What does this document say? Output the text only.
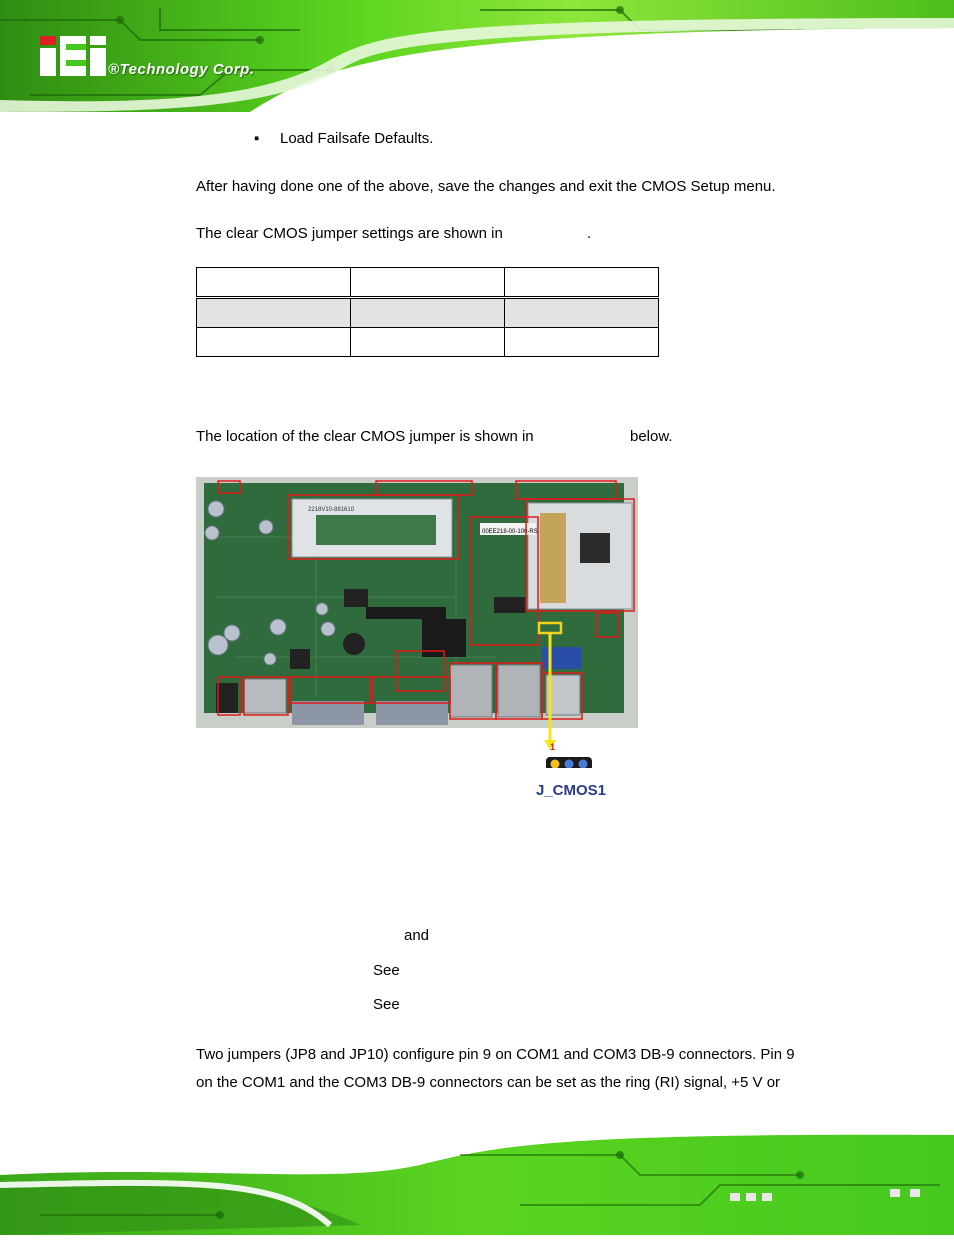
®Technology Corp.
▪ Load Failsafe Defaults.
After having done one of the above, save the changes and exit the CMOS Setup menu.
The clear CMOS jumper settings are shown in	.

The location of the clear CMOS jumper is shown in	below.
00EE218-00-100-RS
2218V10-881610
1
J_CMOS1
and
See
See
Two jumpers (JP8 and JP10) configure pin 9 on COM1 and COM3 DB-9 connectors. Pin 9
on the COM1 and the COM3 DB-9 connectors can be set as the ring (RI) signal, +5 V or
